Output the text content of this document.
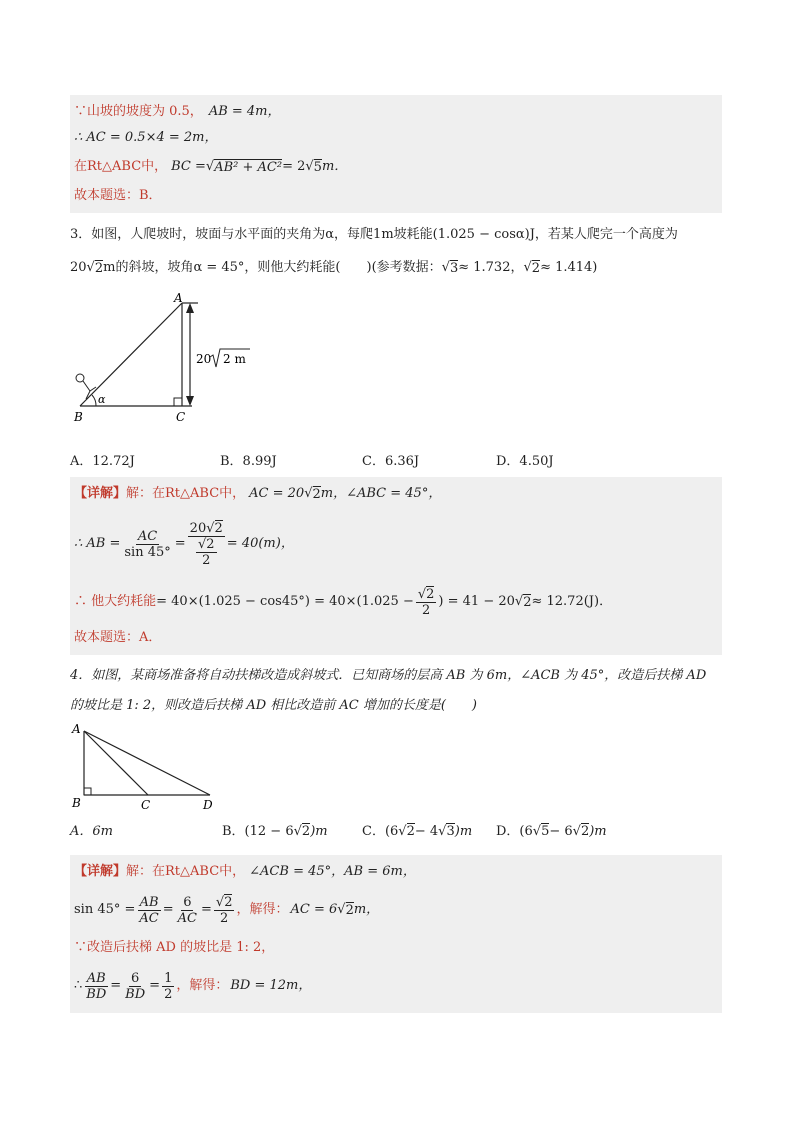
∵山坡的坡度为 0.5， AB = 4m，
∴ AC = 0.5×4 = 2m，
在Rt△ABC中， BC = √ AB² + AC² = 2 √ 5 m．
故本题选：B．
3．如图，人爬坡时，坡面与水平面的夹角为α，每爬1m坡耗能(1.025 − cosα)J，若某人爬完一个高度为
20 √ 2 m的斜坡，坡角α = 45°，则他大约耗能(　　)(参考数据： √ 3 ≈ 1.732， √ 2 ≈ 1.414)
A
B	C
α
20 2 m
A．12.72J	B．8.99J	C．6.36J	D．4.50J
【详解】 解：在Rt△ABC中， AC = 20 √ 2 m，∠ABC = 45°，
∴ AB = $\frac{AC}{\sin 45^\circ} = \frac{20√2}{\frac{√2}{2}} = 40(m)$，
∴ 他大约耗能 = $40\times(1.025 - \cos 45^\circ) = 40\times(1.025 - \frac{√2}{2}$ ) = 41 − 20 √ 2 ≈ 12.72(J)．
故本题选：A．
4．如图，某商场准备将自动扶梯改造成斜坡式．已知商场的层高 AB 为 6m，∠ACB 为 45°，改造后扶梯 AD
的坡比是 1: 2，则改造后扶梯 AD 相比改造前 AC 增加的长度是(　　)
A
B	C	D
A．6m	B．(12 − 6√2)m	C．(6√2− 4√3)m	D．(6√5− 6√2)m
【详解】 解：在Rt△ABC中， ∠ACB = 45°，AB = 6m，
$\sin 45^\circ = \frac{AB}{AC} = \frac{6}{AC} = \frac{√2}{2}$ ，解得： AC = 6 √ 2 m，
∵改造后扶梯 AD 的坡比是 1: 2，
∴ $\frac{AB}{BD} = \frac{6}{BD} = \frac{1}{2}$ ，解得： BD = 12m，
